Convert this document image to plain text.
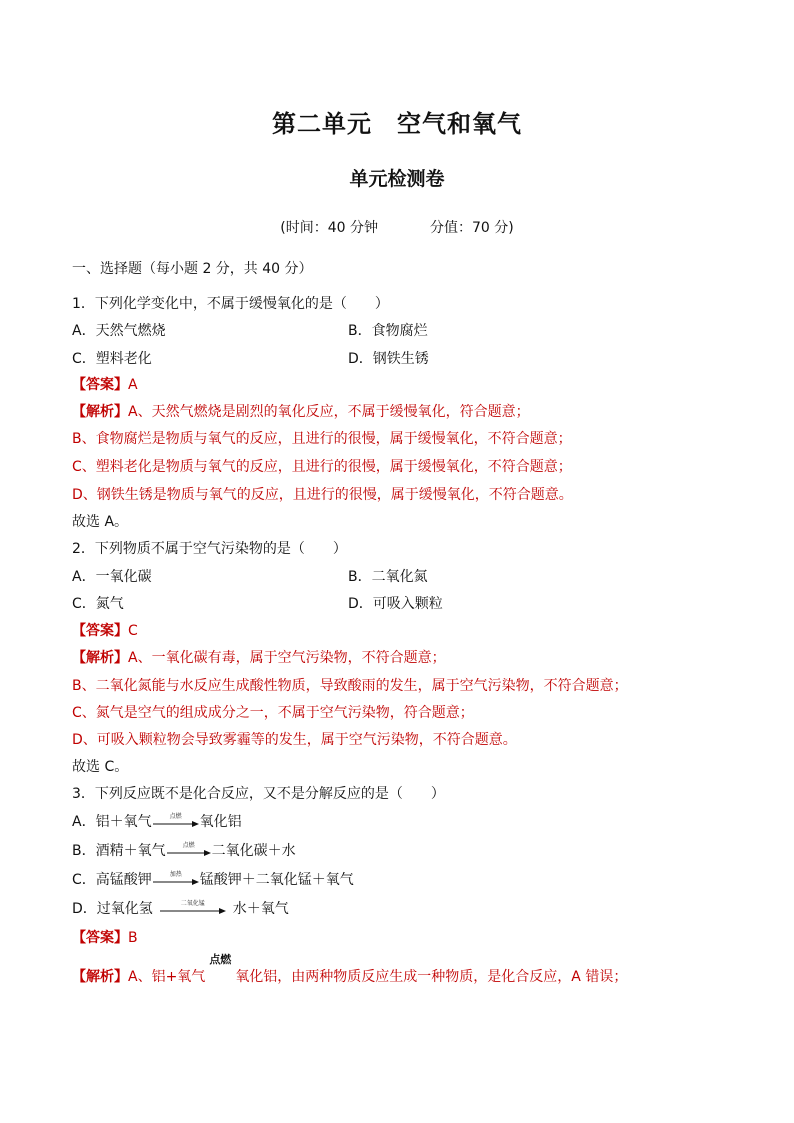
第二单元　空气和氧气
单元检测卷
(时间：40 分钟	分值：70 分)
一、选择题（每小题 2 分，共 40 分）
1．下列化学变化中，不属于缓慢氧化的是（　　）
A．天然气燃烧	B．食物腐烂
C．塑料老化	D．钢铁生锈
【答案】A
【解析】A、天然气燃烧是剧烈的氧化反应，不属于缓慢氧化，符合题意；
B、食物腐烂是物质与氧气的反应，且进行的很慢，属于缓慢氧化，不符合题意；
C、塑料老化是物质与氧气的反应，且进行的很慢，属于缓慢氧化，不符合题意；
D、钢铁生锈是物质与氧气的反应，且进行的很慢，属于缓慢氧化，不符合题意。
故选 A。
2．下列物质不属于空气污染物的是（　　）
A．一氧化碳	B．二氧化氮
C．氮气	D．可吸入颗粒
【答案】C
【解析】A、一氧化碳有毒，属于空气污染物，不符合题意；
B、二氧化氮能与水反应生成酸性物质，导致酸雨的发生，属于空气污染物，不符合题意；
C、氮气是空气的组成成分之一，不属于空气污染物，符合题意；
D、可吸入颗粒物会导致雾霾等的发生，属于空气污染物，不符合题意。
故选 C。
3．下列反应既不是化合反应，又不是分解反应的是（　　）
A．铝＋氧气	点燃	氧化铝
B．酒精＋氧气	点燃	二氧化碳＋水
C．高锰酸钾	加热	锰酸钾＋二氧化锰＋氧气
D．过氧化氢	二氧化锰	水＋氧气
【答案】B
【解析】A、铝+氧气
点燃
氧化铝，由两种物质反应生成一种物质，是化合反应，A 错误；
